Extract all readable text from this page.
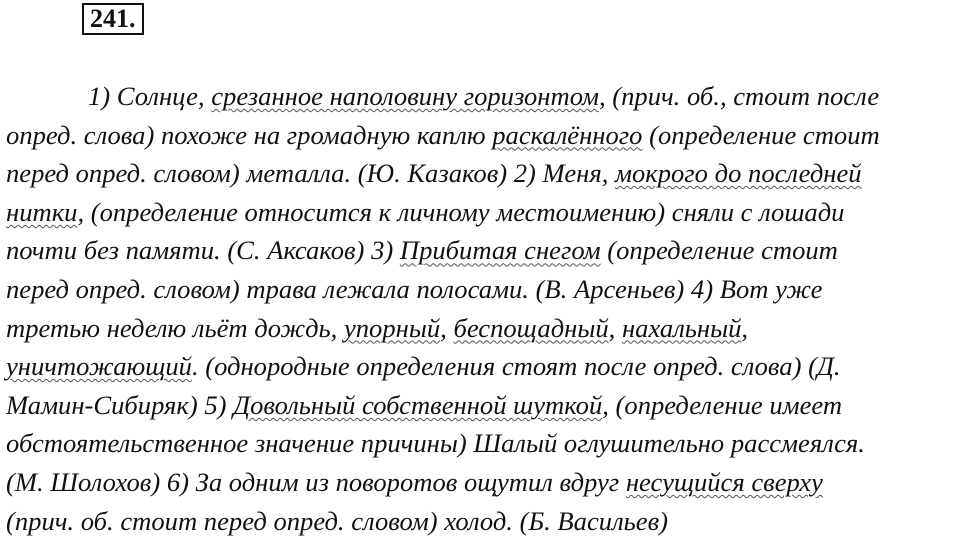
241.
1) Солнце, срезанное наполовину горизонтом, (прич. об., стоит после
опред. слова) похоже на громадную каплю раскалённого (определение стоит
перед опред. словом) металла. (Ю. Казаков) 2) Меня, мокрого до последней
нитки, (определение относится к личному местоимению) сняли с лошади
почти без памяти. (С. Аксаков) 3) Прибитая снегом (определение стоит
перед опред. словом) трава лежала полосами. (В. Арсеньев) 4) Вот уже
третью неделю льёт дождь, упорный, беспощадный, нахальный,
уничтожающий. (однородные определения стоят после опред. слова) (Д.
Мамин-Сибиряк) 5) Довольный собственной шуткой, (определение имеет
обстоятельственное значение причины) Шалый оглушительно рассмеялся.
(М. Шолохов) 6) За одним из поворотов ощутил вдруг несущийся сверху
(прич. об. стоит перед опред. словом) холод. (Б. Васильев)
